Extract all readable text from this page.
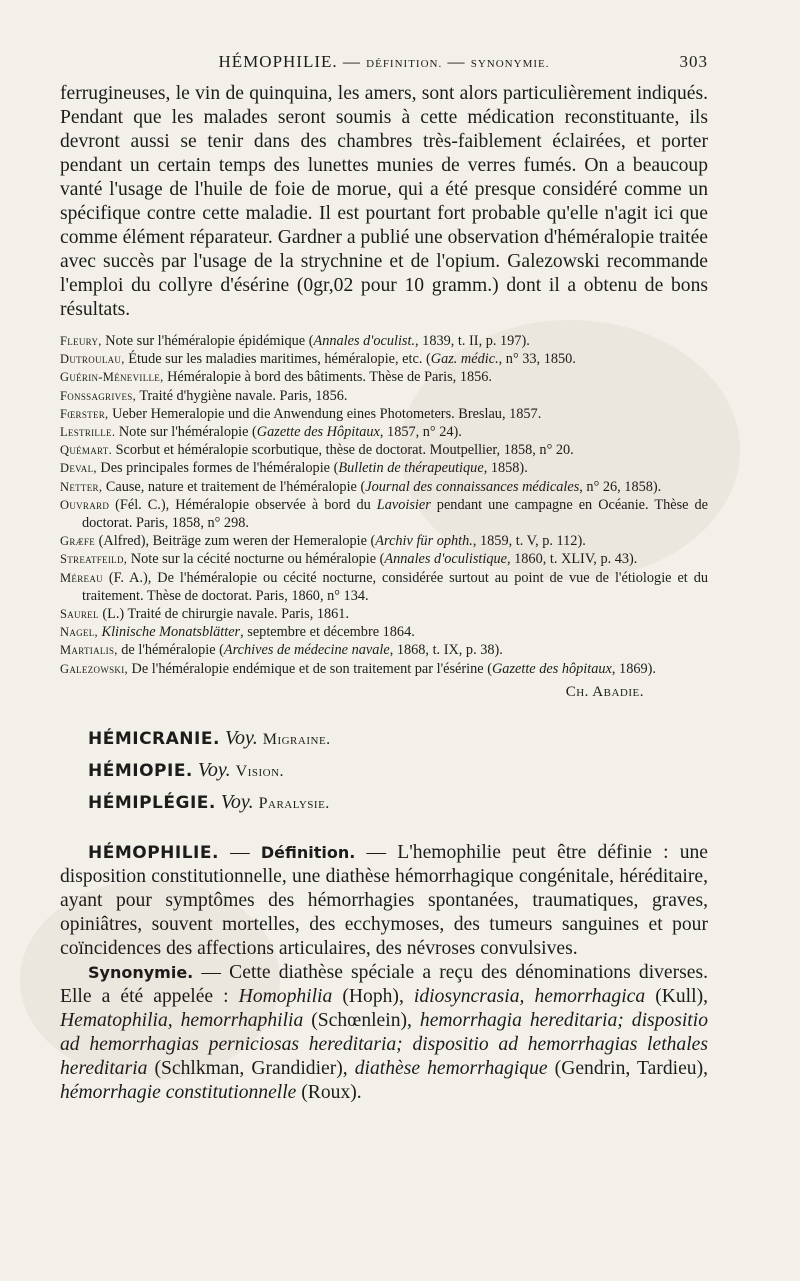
HÉMOPHILIE. — DÉFINITION. — SYNONYMIE.	303

ferrugineuses, le vin de quinquina, les amers, sont alors particulièrement indiqués. Pendant que les malades seront soumis à cette médication reconstituante, ils devront aussi se tenir dans des chambres très-faiblement éclairées, et porter pendant un certain temps des lunettes munies de verres fumés. On a beaucoup vanté l'usage de l'huile de foie de morue, qui a été presque considéré comme un spécifique contre cette maladie. Il est pourtant fort probable qu'elle n'agit ici que comme élément réparateur. Gardner a publié une observation d'héméralopie traitée avec succès par l'usage de la strychnine et de l'opium. Galezowski recommande l'emploi du collyre d'ésérine (0gr,02 pour 10 gramm.) dont il a obtenu de bons résultats.

Fleury, Note sur l'héméralopie épidémique (Annales d'oculist., 1839, t. II, p. 197).
Dutroulau, Étude sur les maladies maritimes, héméralopie, etc. (Gaz. médic., n° 33, 1850.
Guérin-Méneville, Héméralopie à bord des bâtiments. Thèse de Paris, 1856.
Fonssagrives, Traité d'hygiène navale. Paris, 1856.
Fœrster, Ueber Hemeralopie und die Anwendung eines Photometers. Breslau, 1857.
Lestrille. Note sur l'héméralopie (Gazette des Hôpitaux, 1857, n° 24).
Quémart. Scorbut et héméralopie scorbutique, thèse de doctorat. Moutpellier, 1858, n° 20.
Deval, Des principales formes de l'héméralopie (Bulletin de thérapeutique, 1858).
Netter, Cause, nature et traitement de l'héméralopie (Journal des connaissances médicales, n° 26, 1858).
Ouvrard (Fél. C.), Héméralopie observée à bord du Lavoisier pendant une campagne en Océanie. Thèse de doctorat. Paris, 1858, n° 298.
Græfe (Alfred), Beiträge zum weren der Hemeralopie (Archiv für ophth., 1859, t. V, p. 112).
Streatfeild, Note sur la cécité nocturne ou héméralopie (Annales d'oculistique, 1860, t. XLIV, p. 43).
Méreau (F. A.), De l'héméralopie ou cécité nocturne, considérée surtout au point de vue de l'étiologie et du traitement. Thèse de doctorat. Paris, 1860, n° 134.
Saurel (L.) Traité de chirurgie navale. Paris, 1861.
Nagel, Klinische Monatsblätter, septembre et décembre 1864.
Martialis, de l'héméralopie (Archives de médecine navale, 1868, t. IX, p. 38).
Galezowski, De l'héméralopie endémique et de son traitement par l'ésérine (Gazette des hôpitaux, 1869).
Ch. Abadie.
HÉMICRANIE. Voy. Migraine.
HÉMIOPIE. Voy. Vision.
HÉMIPLÉGIE. Voy. Paralysie.

HÉMOPHILIE. — Définition. — L'hemophilie peut être définie : une disposition constitutionnelle, une diathèse hémorrhagique congénitale, héréditaire, ayant pour symptômes des hémorrhagies spontanées, traumatiques, graves, opiniâtres, souvent mortelles, des ecchymoses, des tumeurs sanguines et pour coïncidences des affections articulaires, des névroses convulsives.

Synonymie. — Cette diathèse spéciale a reçu des dénominations diverses. Elle a été appelée : Homophilia (Hoph), idiosyncrasia, hemorrhagica (Kull), Hematophilia, hemorrhaphilia (Schœnlein), hemorrhagia hereditaria; dispositio ad hemorrhagias perniciosas hereditaria; dispositio ad hemorrhagias lethales hereditaria (Schlkman, Grandidier), diathèse hemorrhagique (Gendrin, Tardieu), hémorrhagie constitutionnelle (Roux).
